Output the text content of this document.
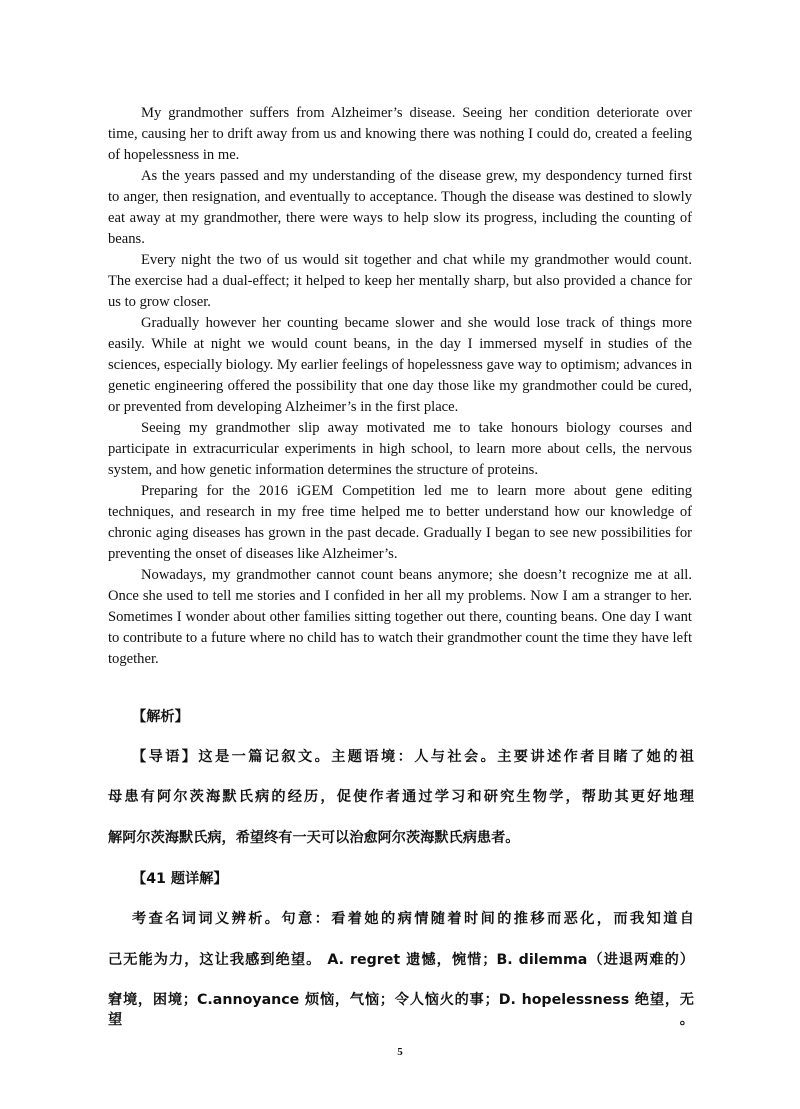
My grandmother suffers from Alzheimer’s disease. Seeing her condition deteriorate over time, causing her to drift away from us and knowing there was nothing I could do, created a feeling of hopelessness in me.

As the years passed and my understanding of the disease grew, my despondency turned first to anger, then resignation, and eventually to acceptance. Though the disease was destined to slowly eat away at my grandmother, there were ways to help slow its progress, including the counting of beans.

Every night the two of us would sit together and chat while my grandmother would count. The exercise had a dual-effect; it helped to keep her mentally sharp, but also provided a chance for us to grow closer.

Gradually however her counting became slower and she would lose track of things more easily. While at night we would count beans, in the day I immersed myself in studies of the sciences, especially biology. My earlier feelings of hopelessness gave way to optimism; advances in genetic engineering offered the possibility that one day those like my grandmother could be cured, or prevented from developing Alzheimer’s in the first place.

Seeing my grandmother slip away motivated me to take honours biology courses and participate in extracurricular experiments in high school, to learn more about cells, the nervous system, and how genetic information determines the structure of proteins.

Preparing for the 2016 iGEM Competition led me to learn more about gene editing techniques, and research in my free time helped me to better understand how our knowledge of chronic aging diseases has grown in the past decade. Gradually I began to see new possibilities for preventing the onset of diseases like Alzheimer’s.

Nowadays, my grandmother cannot count beans anymore; she doesn’t recognize me at all. Once she used to tell me stories and I confided in her all my problems. Now I am a stranger to her. Sometimes I wonder about other families sitting together out there, counting beans. One day I want to contribute to a future where no child has to watch their grandmother count the time they have left together.

【解析】
【导语】这是一篇记叙文。主题语境：人与社会。主要讲述作者目睹了她的祖
母患有阿尔茨海默氏病的经历，促使作者通过学习和研究生物学，帮助其更好地理
解阿尔茨海默氏病，希望终有一天可以治愈阿尔茨海默氏病患者。
【41 题详解】
考查名词词义辨析。句意：看着她的病情随着时间的推移而恶化，而我知道自
己无能为力，这让我感到绝望。 A. regret 遗憾，惋惜；B. dilemma（进退两难的）
窘境，困境；C.annoyance 烦恼，气恼；令人恼火的事；D. hopelessness 绝望，无望。
5
